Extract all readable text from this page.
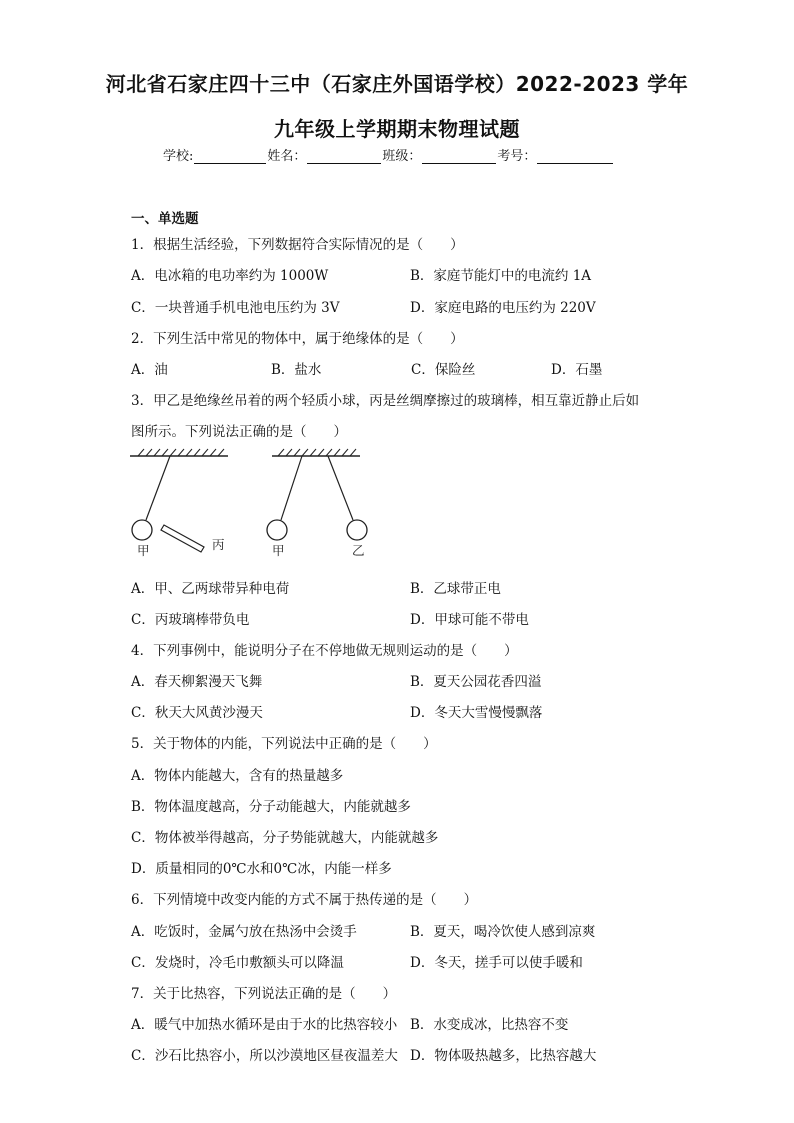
河北省石家庄四十三中（石家庄外国语学校）2022-2023 学年
九年级上学期期末物理试题
学校:	姓名：	班级：	考号：
一、单选题
1．根据生活经验，下列数据符合实际情况的是（　　）
A．电冰箱的电功率约为 1000W	B．家庭节能灯中的电流约 1A
C．一块普通手机电池电压约为 3V	D．家庭电路的电压约为 220V
2．下列生活中常见的物体中，属于绝缘体的是（　　）
A．油	B．盐水	C．保险丝	D．石墨
3．甲乙是绝缘丝吊着的两个轻质小球，丙是丝绸摩擦过的玻璃棒，相互靠近静止后如
图所示。下列说法正确的是（　　）
甲	丙	甲	乙
A．甲、乙两球带异种电荷	B．乙球带正电
C．丙玻璃棒带负电	D．甲球可能不带电
4．下列事例中，能说明分子在不停地做无规则运动的是（　　）
A．春天柳絮漫天飞舞	B．夏天公园花香四溢
C．秋天大风黄沙漫天	D．冬天大雪慢慢飘落
5．关于物体的内能，下列说法中正确的是（　　）
A．物体内能越大，含有的热量越多
B．物体温度越高，分子动能越大，内能就越多
C．物体被举得越高，分子势能就越大，内能就越多
D．质量相同的0℃水和0℃冰，内能一样多
6．下列情境中改变内能的方式不属于热传递的是（　　）
A．吃饭时，金属勺放在热汤中会烫手	B．夏天，喝冷饮使人感到凉爽
C．发烧时，冷毛巾敷额头可以降温	D．冬天，搓手可以使手暖和
7．关于比热容，下列说法正确的是（　　）
A．暖气中加热水循环是由于水的比热容较小 B．水变成冰，比热容不变
C．沙石比热容小，所以沙漠地区昼夜温差大 D．物体吸热越多，比热容越大
